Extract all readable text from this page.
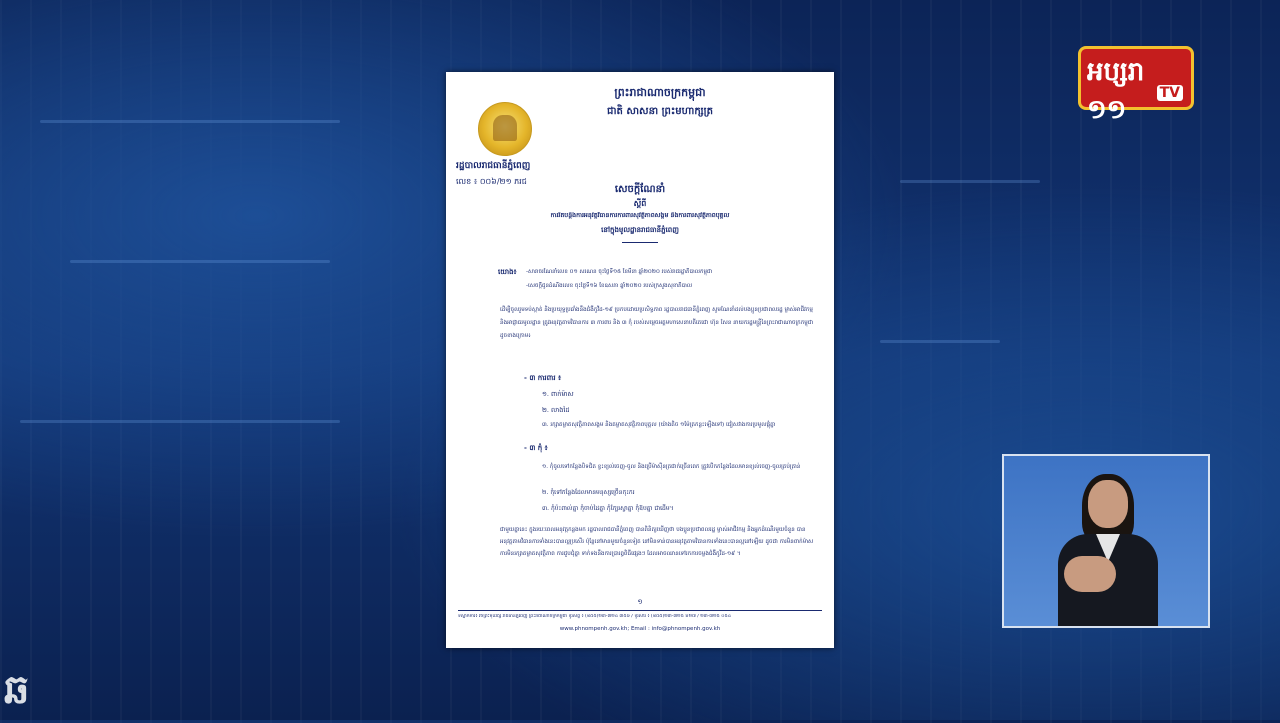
ព្រះរាជាណាចក្រកម្ពុជា
ជាតិ សាសនា ព្រះមហាក្សត្រ
រដ្ឋបាលរាជធានីភ្នំពេញ
លេខ ៖ ០០៦/២១ ភរជ
សេចក្តីណែនាំ
ស្តីពី
ការរឹតបន្តឹងការអនុវត្តវិធានការការពារសុវត្ថិភាពសង្គម និងការពារសុវត្ថិភាពបុគ្គល
នៅក្នុងមូលដ្ឋានរាជធានីភ្នំពេញ
យោង៖ -សារាចរណែនាំលេខ ០១ សរណន ចុះថ្ងៃទី១៥ ខែមីនា ឆ្នាំ២០២០ របស់រាជរដ្ឋាភិបាលកម្ពុជា
-សេចក្តីជូនដំណឹងលេខ ចុះថ្ងៃទី១៦ ខែឧសភា ឆ្នាំ២០២០ របស់ក្រសួងសុខាភិបាល
ដើម្បីចូលរួមទប់ស្កាត់ និងប្រយុទ្ធប្រឆាំងនឹងជំងឺកូវីដ-១៩ ប្រកបដោយប្រសិទ្ធភាព រដ្ឋបាលរាជធានីភ្នំពេញ សូមណែនាំដល់បងប្អូនប្រជាពលរដ្ឋ ម្ចាស់អាជីវកម្ម និងអាជ្ញាធរមូលដ្ឋាន ត្រូវអនុវត្តតាមវិធានការ ៣ ការពារ និង ៣ កុំ របស់សម្តេចអគ្គមហាសេនាបតីតេជោ ហ៊ុន សែន នាយករដ្ឋមន្ត្រីនៃព្រះរាជាណាចក្រកម្ពុជា ដូចខាងក្រោម៖
- ៣ ការពារ ៖
១. ពាក់ម៉ាស
២. លាងដៃ
៣. រក្សាគម្លាតសុវត្ថិភាពសង្គម និងគម្លាតសុវត្ថិភាពបុគ្គល (យ៉ាងតិច ១ម៉ែត្រកន្លះឡើងទៅ) ជៀសវាងការប្រមូលផ្តុំគ្នា
- ៣ កុំ ៖
១. កុំចូលទៅកន្លែងបិទជិត ខ្វះខ្យល់ចេញ-ចូល និងប្រើម៉ាស៊ីនត្រជាក់ច្រើនពេក ត្រូវបើកកន្លែងដែលមានខ្យល់ចេញ-ចូលគ្រប់គ្រាន់
២. កុំទៅកន្លែងដែលមានមនុស្សច្រើនកុះករ
៣. កុំប៉ះពាល់គ្នា កុំចាប់ដៃគ្នា កុំក្បែរស្វាគ្នា កុំឱបគ្នា ជាដើម។
ជាមួយគ្នានេះ ក្នុងរយៈពេលអនុវត្តកន្លងមក រដ្ឋបាលរាជធានីភ្នំពេញ បានពិនិត្យឃើញថា បងប្អូនប្រជាពលរដ្ឋ ម្ចាស់អាជីវកម្ម និងអ្នកដំណើរមួយចំនួន បានអនុវត្តតាមវិធានការទាំងនេះបានល្អប្រសើរ ប៉ុន្តែនៅមានមួយចំនួនទៀត នៅមិនទាន់បានអនុវត្តតាមវិធានការទាំងនេះបានល្អនៅឡើយ ដូចជា ការមិនពាក់ម៉ាស ការមិនរក្សាគម្លាតសុវត្ថិភាព ការជួបជុំគ្នា ទាក់ទងនឹងការប្រារព្ធពិធីផ្សេងៗ ដែលអាចឈានទៅរកការចម្លងជំងឺកូវីដ-១៩ ។
១
ទីស្នាក់ការ៖ វិថីព្រះមុនីវង្ស រាជធានីភ្នំពេញ ព្រះរាជាណាចក្រកម្ពុជា ទូរស័ព្ទ ៖ (៨៥៥)២៣-៧២៤ ៣៥៦ / ទូរសារ ៖ (៨៥៥)២៣-៧២៥ ៦២៧ / ២៣-៧២៥ ០៥៤
www.phnompenh.gov.kh; Email : info@phnompenh.gov.kh
អប្សរា ១១
TV
ឆ
